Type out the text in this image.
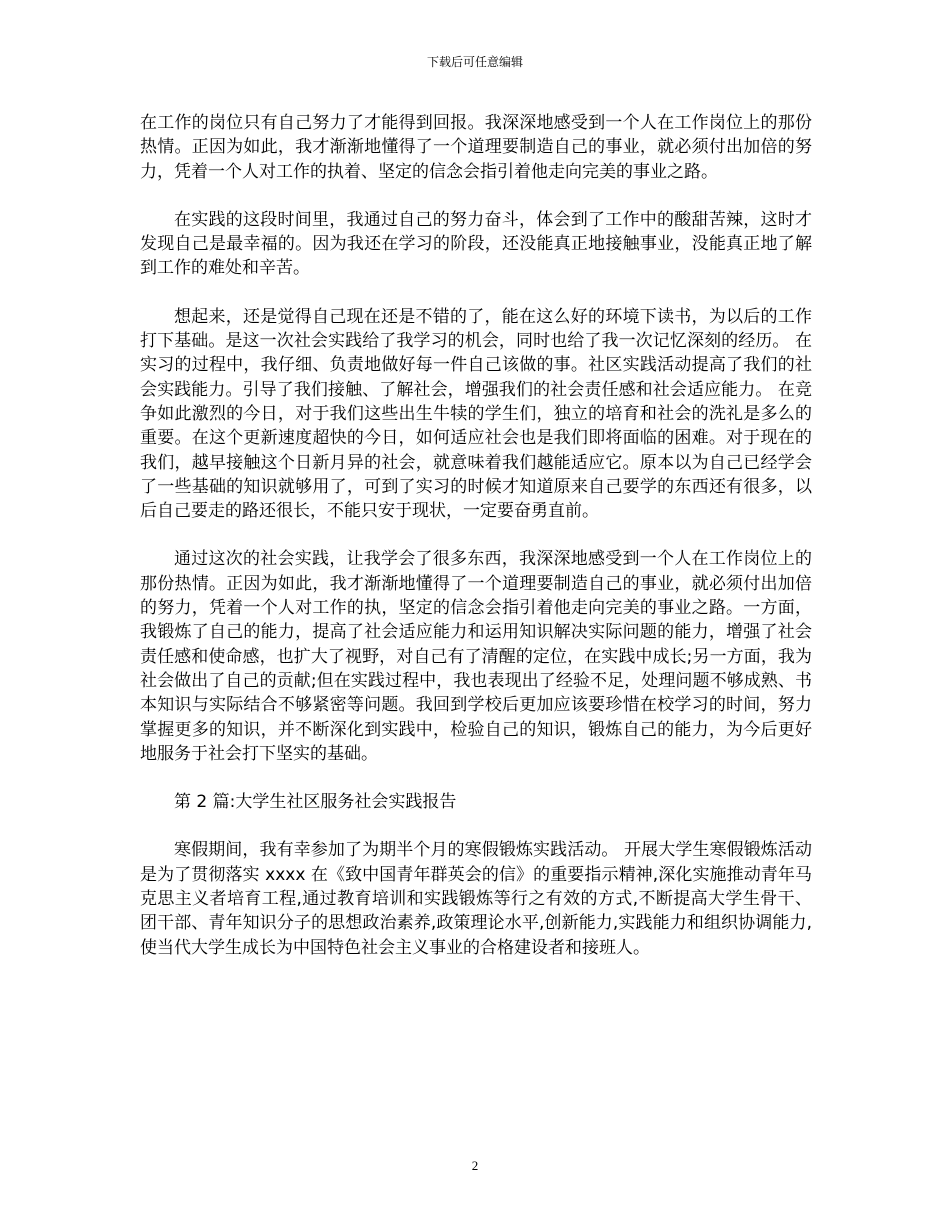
下载后可任意编辑

在工作的岗位只有自己努力了才能得到回报。我深深地感受到一个人在工作岗位上的那份热情。正因为如此，我才渐渐地懂得了一个道理要制造自己的事业，就必须付出加倍的努力，凭着一个人对工作的执着、坚定的信念会指引着他走向完美的事业之路。

在实践的这段时间里，我通过自己的努力奋斗，体会到了工作中的酸甜苦辣，这时才发现自己是最幸福的。因为我还在学习的阶段，还没能真正地接触事业，没能真正地了解到工作的难处和辛苦。

想起来，还是觉得自己现在还是不错的了，能在这么好的环境下读书，为以后的工作打下基础。是这一次社会实践给了我学习的机会，同时也给了我一次记忆深刻的经历。 在实习的过程中，我仔细、负责地做好每一件自己该做的事。社区实践活动提高了我们的社会实践能力。引导了我们接触、了解社会，增强我们的社会责任感和社会适应能力。 在竞争如此激烈的今日，对于我们这些出生牛犊的学生们，独立的培育和社会的洗礼是多么的重要。在这个更新速度超快的今日，如何适应社会也是我们即将面临的困难。对于现在的我们，越早接触这个日新月异的社会，就意味着我们越能适应它。原本以为自己已经学会了一些基础的知识就够用了，可到了实习的时候才知道原来自己要学的东西还有很多，以后自己要走的路还很长，不能只安于现状，一定要奋勇直前。

通过这次的社会实践，让我学会了很多东西，我深深地感受到一个人在工作岗位上的那份热情。正因为如此，我才渐渐地懂得了一个道理要制造自己的事业，就必须付出加倍的努力，凭着一个人对工作的执，坚定的信念会指引着他走向完美的事业之路。一方面，我锻炼了自己的能力，提高了社会适应能力和运用知识解决实际问题的能力，增强了社会责任感和使命感，也扩大了视野，对自己有了清醒的定位，在实践中成长;另一方面，我为社会做出了自己的贡献;但在实践过程中，我也表现出了经验不足，处理问题不够成熟、书本知识与实际结合不够紧密等问题。我回到学校后更加应该要珍惜在校学习的时间，努力掌握更多的知识，并不断深化到实践中，检验自己的知识，锻炼自己的能力，为今后更好地服务于社会打下坚实的基础。

第 2 篇:大学生社区服务社会实践报告

寒假期间，我有幸参加了为期半个月的寒假锻炼实践活动。 开展大学生寒假锻炼活动是为了贯彻落实 xxxx 在《致中国青年群英会的信》的重要指示精神,深化实施推动青年马克思主义者培育工程,通过教育培训和实践锻炼等行之有效的方式,不断提高大学生骨干、团干部、青年知识分子的思想政治素养,政策理论水平,创新能力,实践能力和组织协调能力,使当代大学生成长为中国特色社会主义事业的合格建设者和接班人。

2
